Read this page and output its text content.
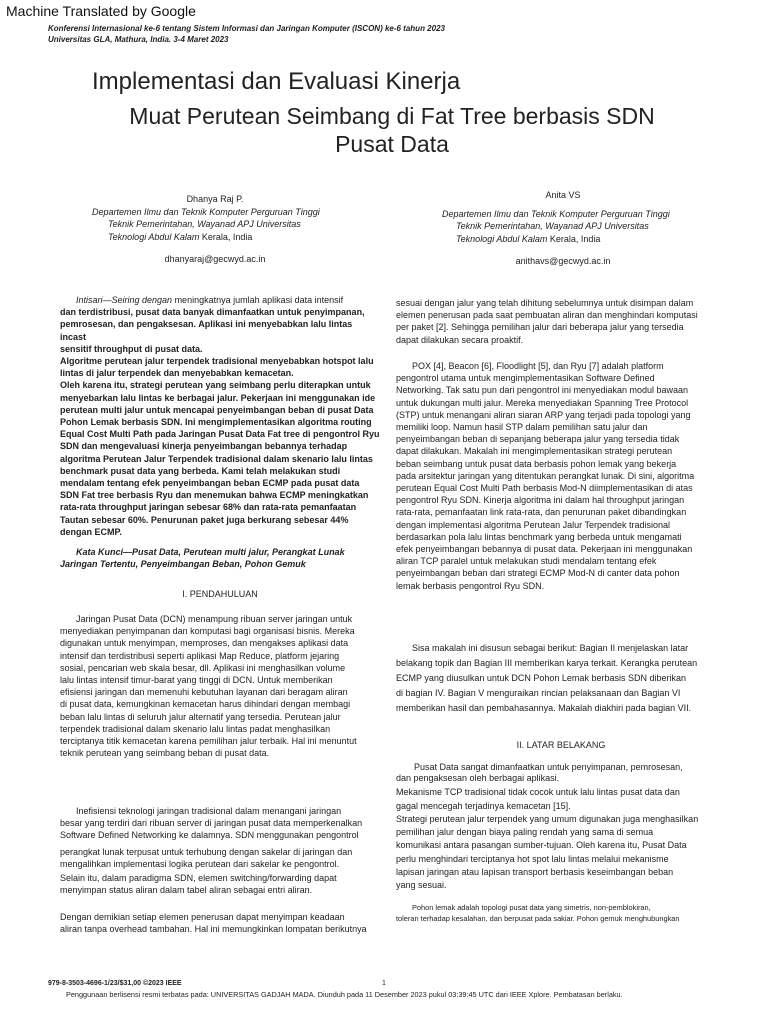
Machine Translated by Google
Konferensi Internasional ke-6 tentang Sistem Informasi dan Jaringan Komputer (ISCON) ke-6 tahun 2023
Universitas GLA, Mathura, India. 3-4 Maret 2023
Implementasi dan Evaluasi Kinerja
Muat Perutean Seimbang di Fat Tree berbasis SDN
Pusat Data
Dhanya Raj P.
Departemen Ilmu dan Teknik Komputer Perguruan Tinggi
Teknik Pemerintahan, Wayanad APJ Universitas
Teknologi Abdul Kalam Kerala, India
dhanyaraj@gecwyd.ac.in
Anita VS
Departemen Ilmu dan Teknik Komputer Perguruan Tinggi
Teknik Pemerintahan, Wayanad APJ Universitas
Teknologi Abdul Kalam Kerala, India
anithavs@gecwyd.ac.in

Intisari—Seiring dengan meningkatnya jumlah aplikasi data intensif

dan terdistribusi, pusat data banyak dimanfaatkan untuk penyimpanan,

pemrosesan, dan pengaksesan. Aplikasi ini menyebabkan lalu lintas incast

sensitif throughput di pusat data.

Algoritme perutean jalur terpendek tradisional menyebabkan hotspot lalu

lintas di jalur terpendek dan menyebabkan kemacetan.

Oleh karena itu, strategi perutean yang seimbang perlu diterapkan untuk

menyebarkan lalu lintas ke berbagai jalur. Pekerjaan ini menggunakan ide

perutean multi jalur untuk mencapai penyeimbangan beban di pusat Data

Pohon Lemak berbasis SDN. Ini mengimplementasikan algoritma routing

Equal Cost Multi Path pada Jaringan Pusat Data Fat tree di pengontrol Ryu

SDN dan mengevaluasi kinerja penyeimbangan bebannya terhadap

algoritma Perutean Jalur Terpendek tradisional dalam skenario lalu lintas

benchmark pusat data yang berbeda. Kami telah melakukan studi

mendalam tentang efek penyeimbangan beban ECMP pada pusat data

SDN Fat tree berbasis Ryu dan menemukan bahwa ECMP meningkatkan

rata-rata throughput jaringan sebesar 68% dan rata-rata pemanfaatan

Tautan sebesar 60%. Penurunan paket juga berkurang sebesar 44%

dengan ECMP.

Kata Kunci—Pusat Data, Perutean multi jalur, Perangkat Lunak

Jaringan Tertentu, Penyeimbangan Beban, Pohon Gemuk

I. PENDAHULUAN

Jaringan Pusat Data (DCN) menampung ribuan server jaringan untuk

menyediakan penyimpanan dan komputasi bagi organisasi bisnis. Mereka

digunakan untuk menyimpan, memproses, dan mengakses aplikasi data

intensif dan terdistribusi seperti aplikasi Map Reduce, platform jejaring

sosial, pencarian web skala besar, dll. Aplikasi ini menghasilkan volume

lalu lintas intensif timur-barat yang tinggi di DCN. Untuk memberikan

efisiensi jaringan dan memenuhi kebutuhan layanan dari beragam aliran

di pusat data, kemungkinan kemacetan harus dihindari dengan membagi

beban lalu lintas di seluruh jalur alternatif yang tersedia. Perutean jalur

terpendek tradisional dalam skenario lalu lintas padat menghasilkan

terciptanya titik kemacetan karena pemilihan jalur terbaik. Hal ini menuntut

teknik perutean yang seimbang beban di pusat data.

Inefisiensi teknologi jaringan tradisional dalam menangani jaringan

besar yang terdiri dari ribuan server di jaringan pusat data memperkenalkan

Software Defined Networking ke dalamnya. SDN menggunakan pengontrol

perangkat lunak terpusat untuk terhubung dengan sakelar di jaringan dan

mengalihkan implementasi logika perutean dari sakelar ke pengontrol.

Selain itu, dalam paradigma SDN, elemen switching/forwarding dapat

menyimpan status aliran dalam tabel aliran sebagai entri aliran.

Dengan demikian setiap elemen penerusan dapat menyimpan keadaan

aliran tanpa overhead tambahan. Hal ini memungkinkan lompatan berikutnya

sesuai dengan jalur yang telah dihitung sebelumnya untuk disimpan dalam

elemen penerusan pada saat pembuatan aliran dan menghindari komputasi

per paket [2]. Sehingga pemilihan jalur dari beberapa jalur yang tersedia

dapat dilakukan secara proaktif.

POX [4], Beacon [6], Floodlight [5], dan Ryu [7] adalah platform

pengontrol utama untuk mengimplementasikan Software Defined

Networking. Tak satu pun dari pengontrol ini menyediakan modul bawaan

untuk dukungan multi jalur. Mereka menyediakan Spanning Tree Protocol

(STP) untuk menangani aliran siaran ARP yang terjadi pada topologi yang

memiliki loop. Namun hasil STP dalam pemilihan satu jalur dan

penyeimbangan beban di sepanjang beberapa jalur yang tersedia tidak

dapat dilakukan. Makalah ini mengimplementasikan strategi perutean

beban seimbang untuk pusat data berbasis pohon lemak yang bekerja

pada arsitektur jaringan yang ditentukan perangkat lunak. Di sini, algoritma

perutean Equal Cost Multi Path berbasis Mod-N diimplementasikan di atas

pengontrol Ryu SDN. Kinerja algoritma ini dalam hal throughput jaringan

rata-rata, pemanfaatan link rata-rata, dan penurunan paket dibandingkan

dengan implementasi algoritma Perutean Jalur Terpendek tradisional

berdasarkan pola lalu lintas benchmark yang berbeda untuk mengamati

efek penyeimbangan bebannya di pusat data. Pekerjaan ini menggunakan

aliran TCP paralel untuk melakukan studi mendalam tentang efek

penyeimbangan beban dari strategi ECMP Mod-N di canter data pohon

lemak berbasis pengontrol Ryu SDN.

Sisa makalah ini disusun sebagai berikut: Bagian II menjelaskan latar

belakang topik dan Bagian III memberikan karya terkait. Kerangka perutean

ECMP yang diusulkan untuk DCN Pohon Lemak berbasis SDN diberikan

di bagian IV. Bagian V menguraikan rincian pelaksanaan dan Bagian VI

memberikan hasil dan pembahasannya. Makalah diakhiri pada bagian VII.

II. LATAR BELAKANG

Pusat Data sangat dimanfaatkan untuk penyimpanan, pemrosesan,

dan pengaksesan oleh berbagai aplikasi.

Mekanisme TCP tradisional tidak cocok untuk lalu lintas pusat data dan

gagal mencegah terjadinya kemacetan [15].

Strategi perutean jalur terpendek yang umum digunakan juga menghasilkan

pemilihan jalur dengan biaya paling rendah yang sama di semua

komunikasi antara pasangan sumber-tujuan. Oleh karena itu, Pusat Data

perlu menghindari terciptanya hot spot lalu lintas melalui mekanisme

lapisan jaringan atau lapisan transport berbasis keseimbangan beban

yang sesuai.

Pohon lemak adalah topologi pusat data yang simetris, non-pemblokiran,

toleran terhadap kesalahan, dan berpusat pada sakiar. Pohon gemuk menghubungkan

979-8-3503-4696-1/23/$31,00 ©2023 IEEE	1
Penggunaan berlisensi resmi terbatas pada: UNIVERSITAS GADJAH MADA. Diunduh pada 11 Desember 2023 pukul 03:39:45 UTC dari IEEE Xplore. Pembatasan berlaku.
